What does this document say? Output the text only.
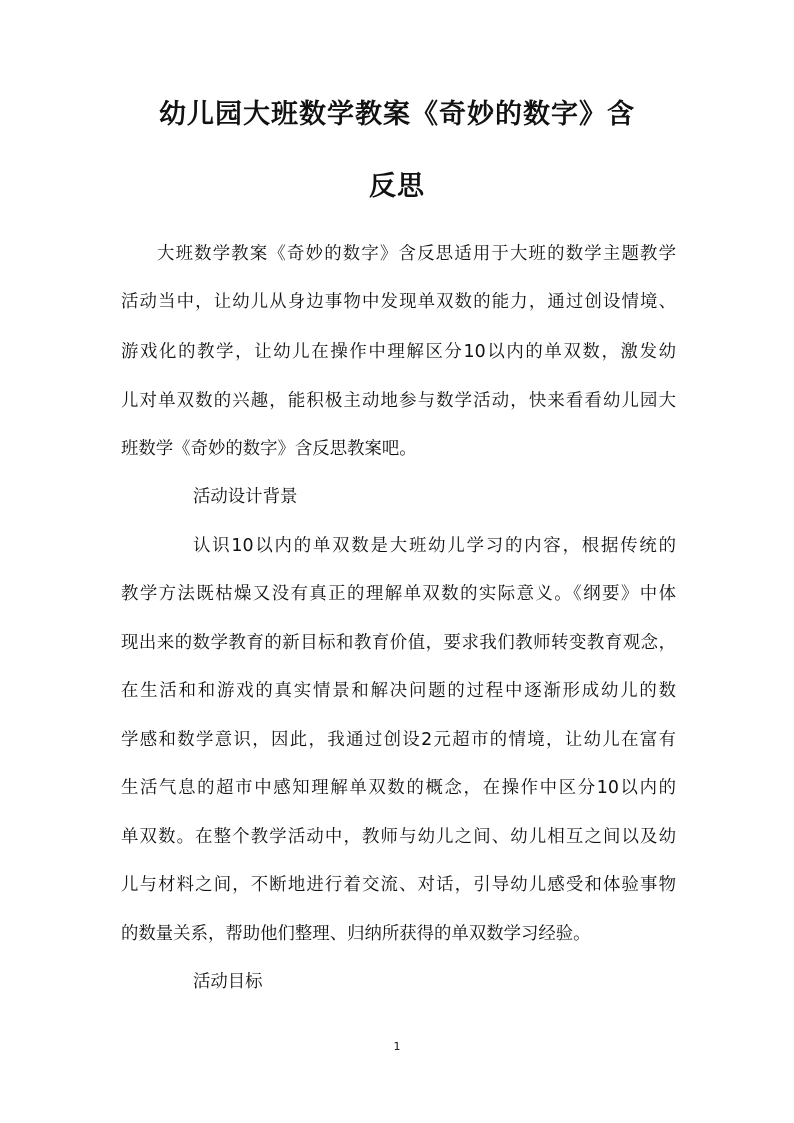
幼儿园大班数学教案《奇妙的数字》含
反思

大班数学教案《奇妙的数字》含反思适用于大班的数学主题教学

活动当中，让幼儿从身边事物中发现单双数的能力，通过创设情境、

游戏化的教学，让幼儿在操作中理解区分10以内的单双数，激发幼

儿对单双数的兴趣，能积极主动地参与数学活动，快来看看幼儿园大

班数学《奇妙的数字》含反思教案吧。

活动设计背景

认识10以内的单双数是大班幼儿学习的内容，根据传统的

教学方法既枯燥又没有真正的理解单双数的实际意义。《纲要》中体

现出来的数学教育的新目标和教育价值，要求我们教师转变教育观念，

在生活和和游戏的真实情景和解决问题的过程中逐渐形成幼儿的数

学感和数学意识，因此，我通过创设2元超市的情境，让幼儿在富有

生活气息的超市中感知理解单双数的概念，在操作中区分10以内的

单双数。在整个教学活动中，教师与幼儿之间、幼儿相互之间以及幼

儿与材料之间，不断地进行着交流、对话，引导幼儿感受和体验事物

的数量关系，帮助他们整理、归纳所获得的单双数学习经验。

活动目标

1
